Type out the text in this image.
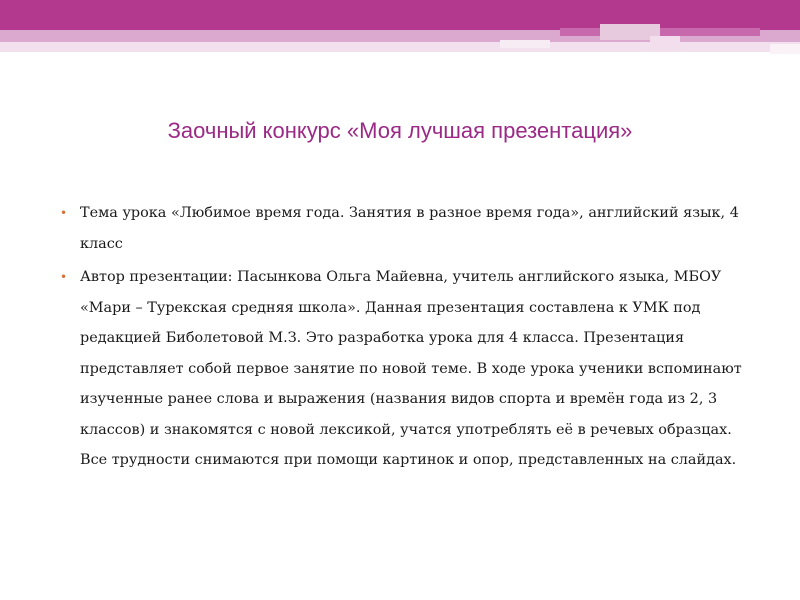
Заочный конкурс «Моя лучшая презентация»
• Тема урока «Любимое время года. Занятия в разное время года», английский язык, 4 класс
• Автор презентации: Пасынкова Ольга Майевна, учитель английского языка, МБОУ «Мари – Турекская средняя школа». Данная презентация составлена к УМК под редакцией Биболетовой М.З. Это разработка урока для 4 класса. Презентация представляет собой первое занятие по новой теме. В ходе урока ученики вспоминают изученные ранее слова и выражения (названия видов спорта и времён года из 2, 3 классов) и знакомятся с новой лексикой, учатся употреблять её в речевых образцах. Все трудности снимаются при помощи картинок и опор, представленных на слайдах.
